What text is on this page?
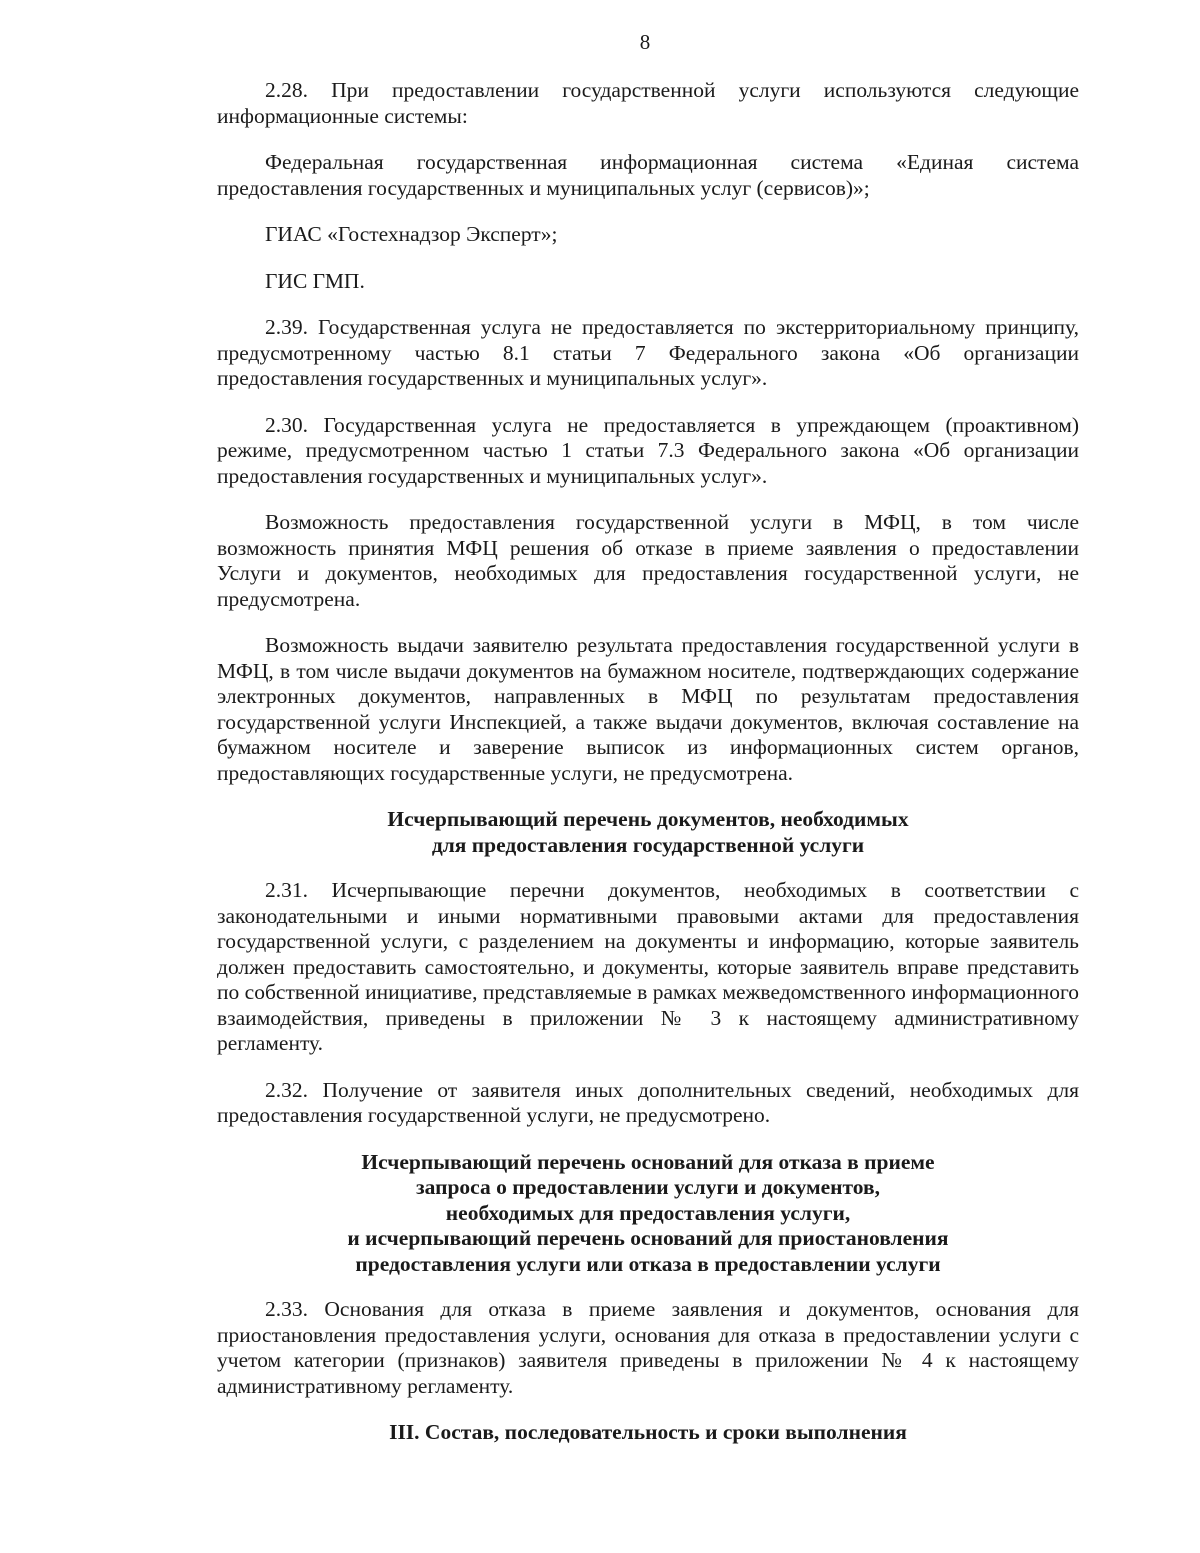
8

2.28. При предоставлении государственной услуги используются следующие информационные системы:

Федеральная государственная информационная система «Единая система предоставления государственных и муниципальных услуг (сервисов)»;

ГИАС «Гостехнадзор Эксперт»;

ГИС ГМП.

2.39. Государственная услуга не предоставляется по экстерриториальному принципу, предусмотренному частью 8.1 статьи 7 Федерального закона «Об организации предоставления государственных и муниципальных услуг».

2.30. Государственная услуга не предоставляется в упреждающем (проактивном) режиме, предусмотренном частью 1 статьи 7.3 Федерального закона «Об организации предоставления государственных и муниципальных услуг».

Возможность предоставления государственной услуги в МФЦ, в том числе возможность принятия МФЦ решения об отказе в приеме заявления о предоставлении Услуги и документов, необходимых для предоставления государственной услуги, не предусмотрена.

Возможность выдачи заявителю результата предоставления государственной услуги в МФЦ, в том числе выдачи документов на бумажном носителе, подтверждающих содержание электронных документов, направленных в МФЦ по результатам предоставления государственной услуги Инспекцией, а также выдачи документов, включая составление на бумажном носителе и заверение выписок из информационных систем органов, предоставляющих государственные услуги, не предусмотрена.

Исчерпывающий перечень документов, необходимых
для предоставления государственной услуги

2.31. Исчерпывающие перечни документов, необходимых в соответствии с законодательными и иными нормативными правовыми актами для предоставления государственной услуги, с разделением на документы и информацию, которые заявитель должен предоставить самостоятельно, и документы, которые заявитель вправе представить по собственной инициативе, представляемые в рамках межведомственного информационного взаимодействия, приведены в приложении № 3 к настоящему административному регламенту.

2.32. Получение от заявителя иных дополнительных сведений, необходимых для предоставления государственной услуги, не предусмотрено.

Исчерпывающий перечень оснований для отказа в приеме
запроса о предоставлении услуги и документов,
необходимых для предоставления услуги,
и исчерпывающий перечень оснований для приостановления
предоставления услуги или отказа в предоставлении услуги

2.33. Основания для отказа в приеме заявления и документов, основания для приостановления предоставления услуги, основания для отказа в предоставлении услуги с учетом категории (признаков) заявителя приведены в приложении № 4 к настоящему административному регламенту.

III. Состав, последовательность и сроки выполнения
